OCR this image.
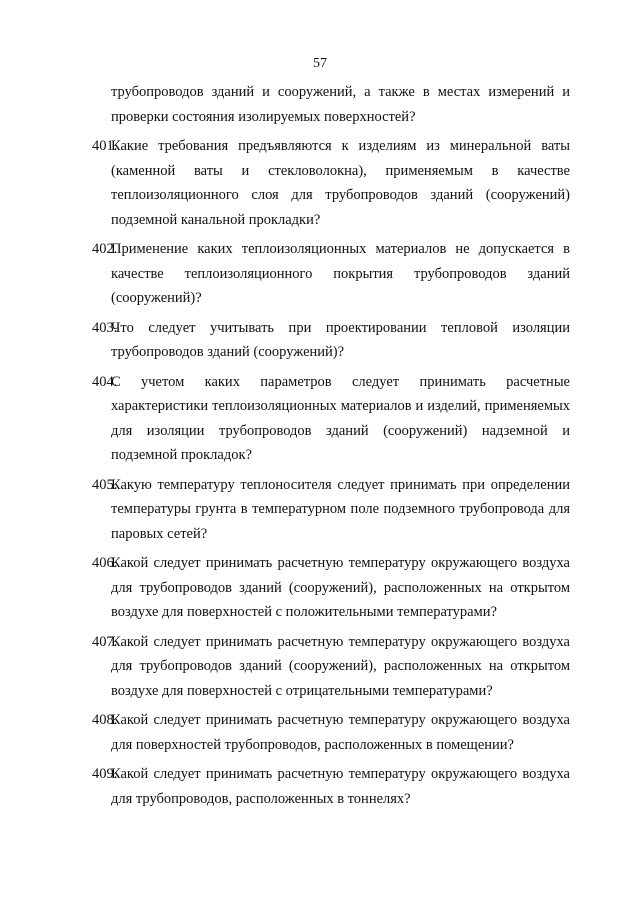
57
трубопроводов зданий и сооружений, а также в местах измерений и проверки состояния изолируемых поверхностей?
401.
Какие требования предъявляются к изделиям из минеральной ваты (каменной ваты и стекловолокна), применяемым в качестве теплоизоляционного слоя для трубопроводов зданий (сооружений) подземной канальной прокладки?
402.
Применение каких теплоизоляционных материалов не допускается в качестве теплоизоляционного покрытия трубопроводов зданий (сооружений)?
403.
Что следует учитывать при проектировании тепловой изоляции трубопроводов зданий (сооружений)?
404.
С учетом каких параметров следует принимать расчетные характеристики теплоизоляционных материалов и изделий, применяемых для изоляции трубопроводов зданий (сооружений) надземной и подземной прокладок?
405.
Какую температуру теплоносителя следует принимать при определении температуры грунта в температурном поле подземного трубопровода для паровых сетей?
406.
Какой следует принимать расчетную температуру окружающего воздуха для трубопроводов зданий (сооружений), расположенных на открытом воздухе для поверхностей с положительными температурами?
407.
Какой следует принимать расчетную температуру окружающего воздуха для трубопроводов зданий (сооружений), расположенных на открытом воздухе для поверхностей с отрицательными температурами?
408.
Какой следует принимать расчетную температуру окружающего воздуха для поверхностей трубопроводов, расположенных в помещении?
409.
Какой следует принимать расчетную температуру окружающего воздуха для трубопроводов, расположенных в тоннелях?
